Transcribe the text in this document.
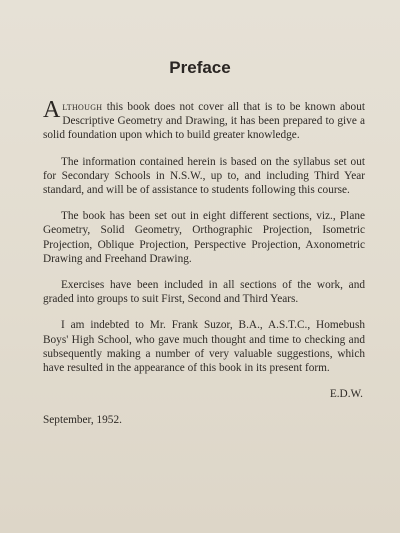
Preface

Although this book does not cover all that is to be known about Descriptive Geometry and Drawing, it has been prepared to give a solid foundation upon which to build greater knowledge.

The information contained herein is based on the syllabus set out for Secondary Schools in N.S.W., up to, and including Third Year standard, and will be of assistance to students following this course.

The book has been set out in eight different sections, viz., Plane Geometry, Solid Geometry, Orthographic Projection, Isometric Projection, Oblique Projection, Perspective Projection, Axonometric Drawing and Freehand Drawing.

Exercises have been included in all sections of the work, and graded into groups to suit First, Second and Third Years.

I am indebted to Mr. Frank Suzor, B.A., A.S.T.C., Homebush Boys' High School, who gave much thought and time to checking and subsequently making a number of very valuable suggestions, which have resulted in the appearance of this book in its present form.

E.D.W.

September, 1952.
